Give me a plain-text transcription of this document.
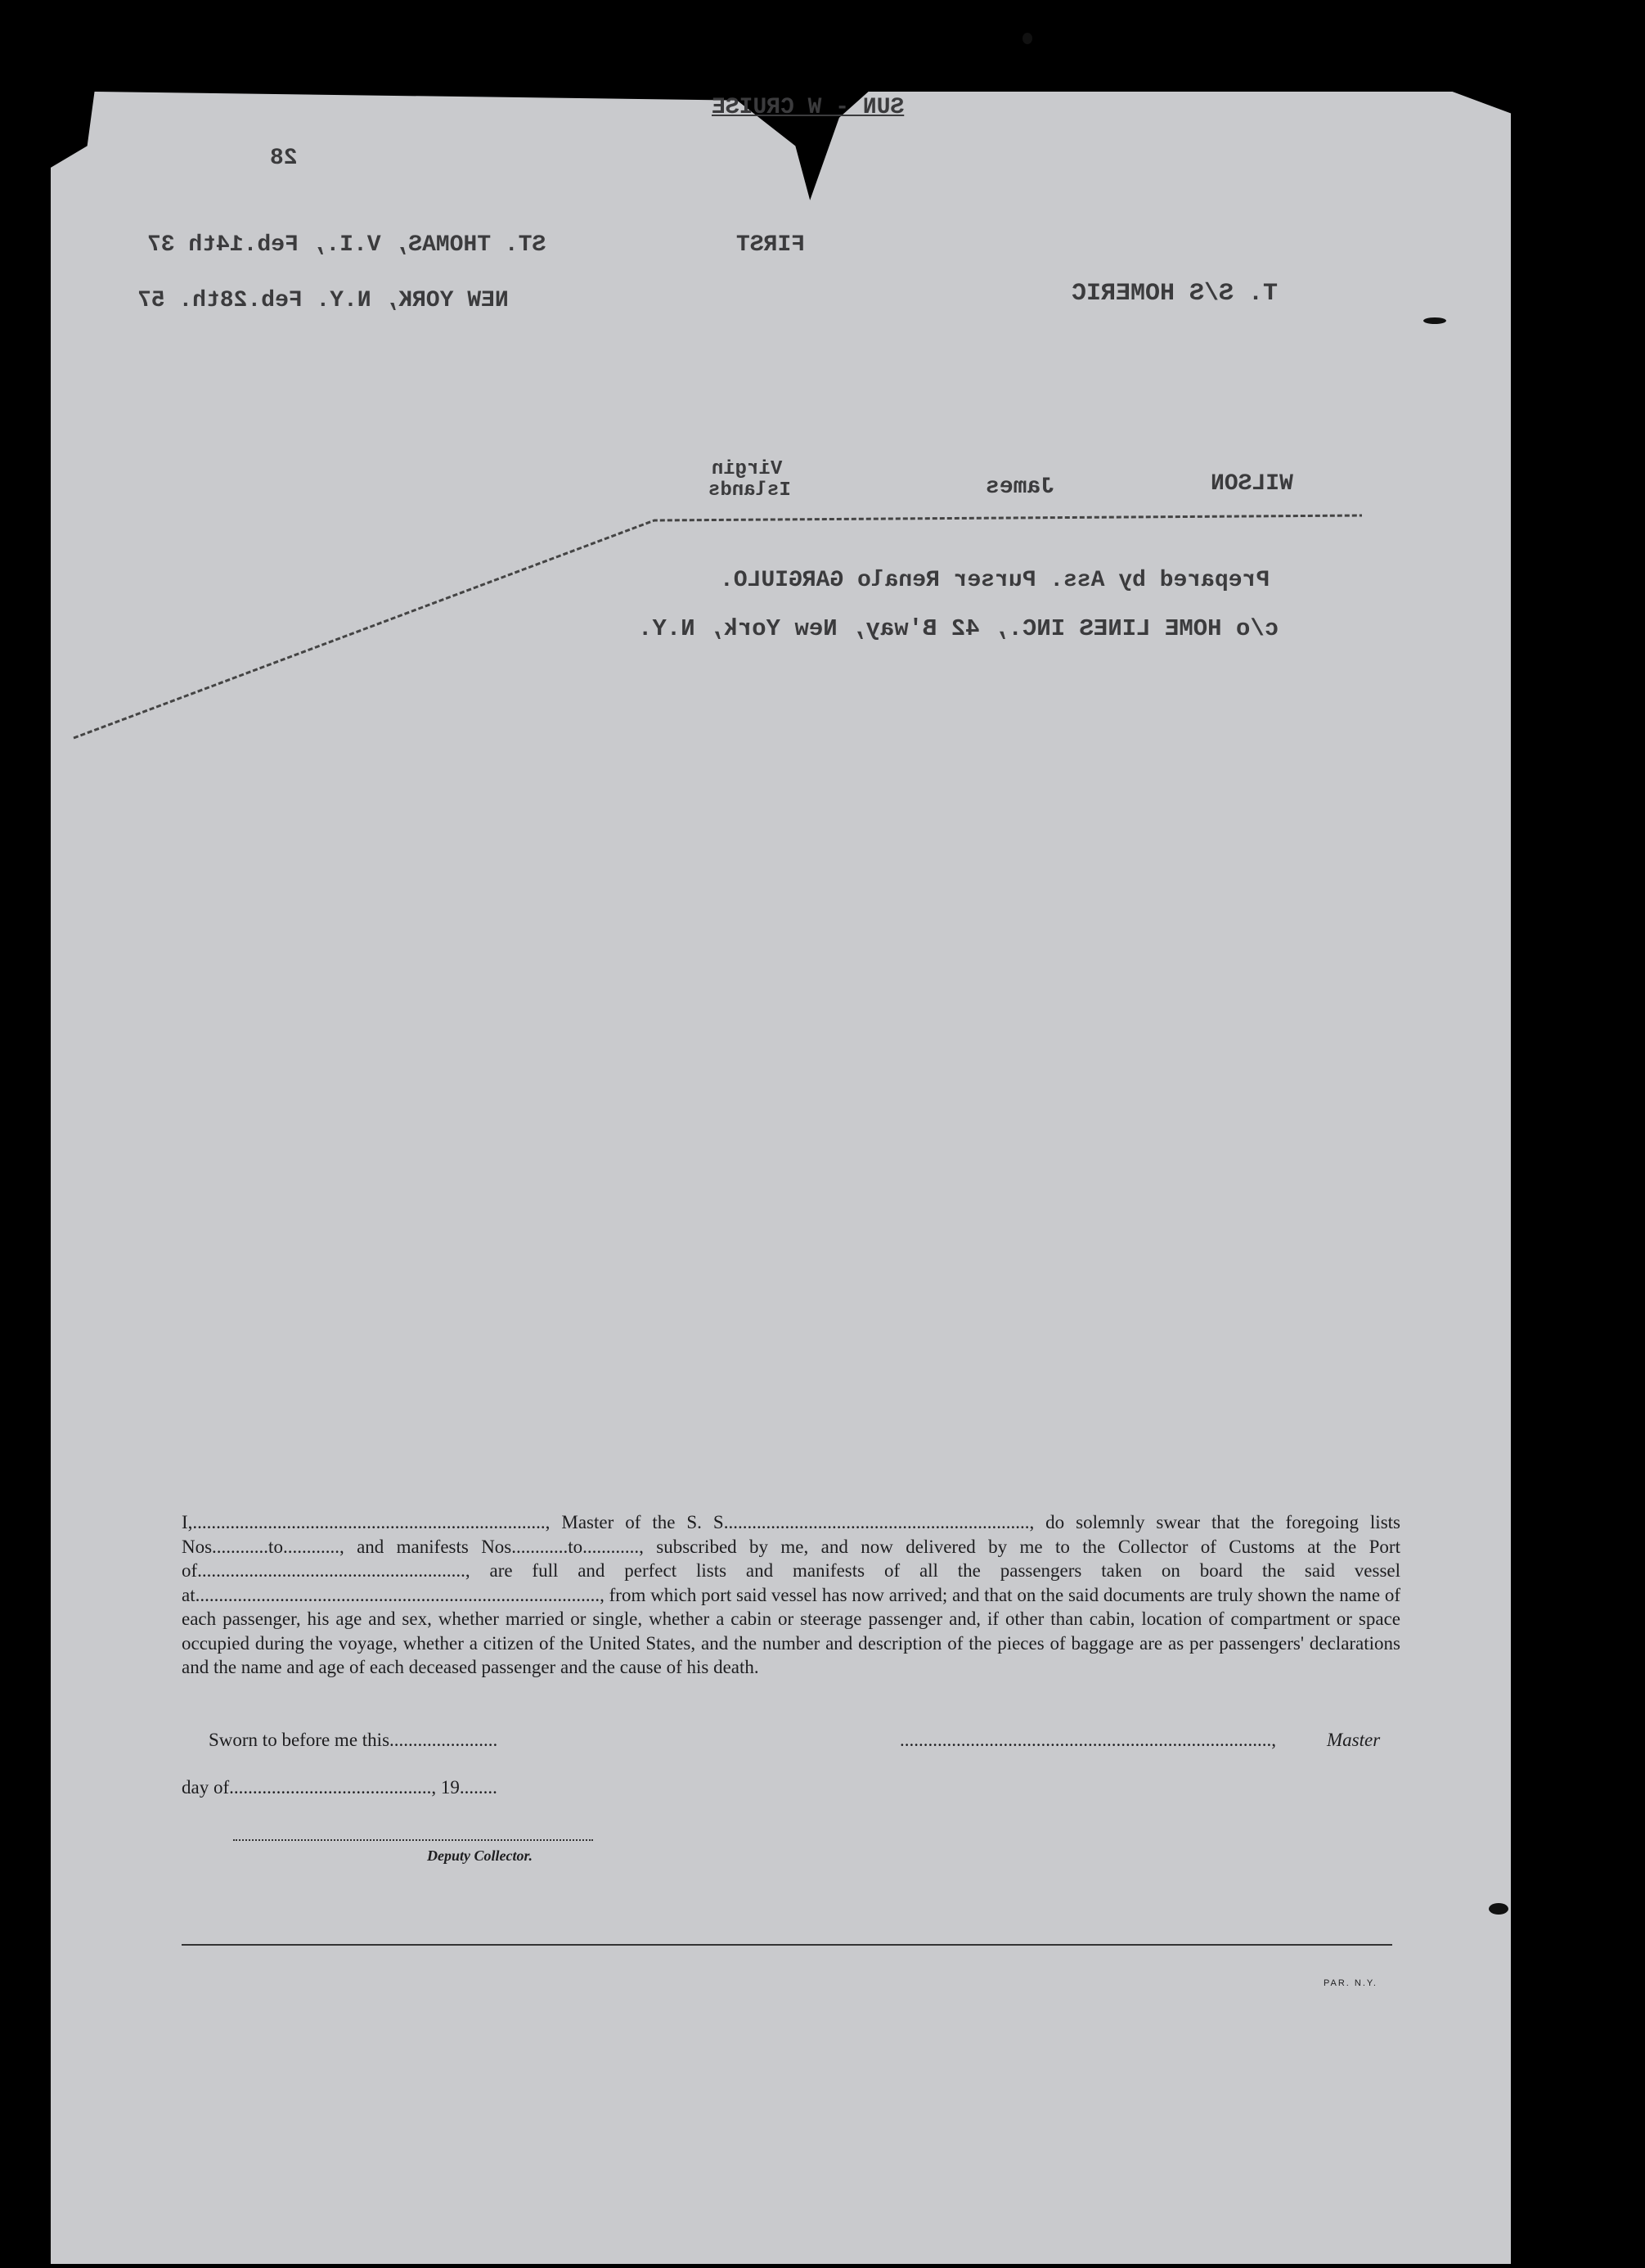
SUN - W CRUISE
28
ST. THOMAS, V.I., Feb.14th 37
NEW YORK, N.Y. Feb.28th. 57
FIRST
T. S/S HOMERIC
WILSON
James
Virgin
Islands
Prepared by Ass. Purser Renalo GARGIULO.
c/o HOME LINES INC., 42 B'way, New York, N.Y.

I,..........................................................................., Master of the S. S................................................................., do solemnly swear that the foregoing lists Nos............to............, and manifests Nos............to............, subscribed by me, and now delivered by me to the Collector of Customs at the Port of........................................................., are full and perfect lists and manifests of all the passengers taken on board the said vessel at......................................................................................, from which port said vessel has now arrived; and that on the said documents are truly shown the name of each passenger, his age and sex, whether married or single, whether a cabin or steerage passenger and, if other than cabin, location of compartment or space occupied during the voyage, whether a citizen of the United States, and the number and description of the pieces of baggage are as per passengers' declarations and the name and age of each deceased passenger and the cause of his death.

Sworn to before me this.......................	...............................................................................,	Master
day of..........................................., 19........
Deputy Collector.
PAR. N.Y.
